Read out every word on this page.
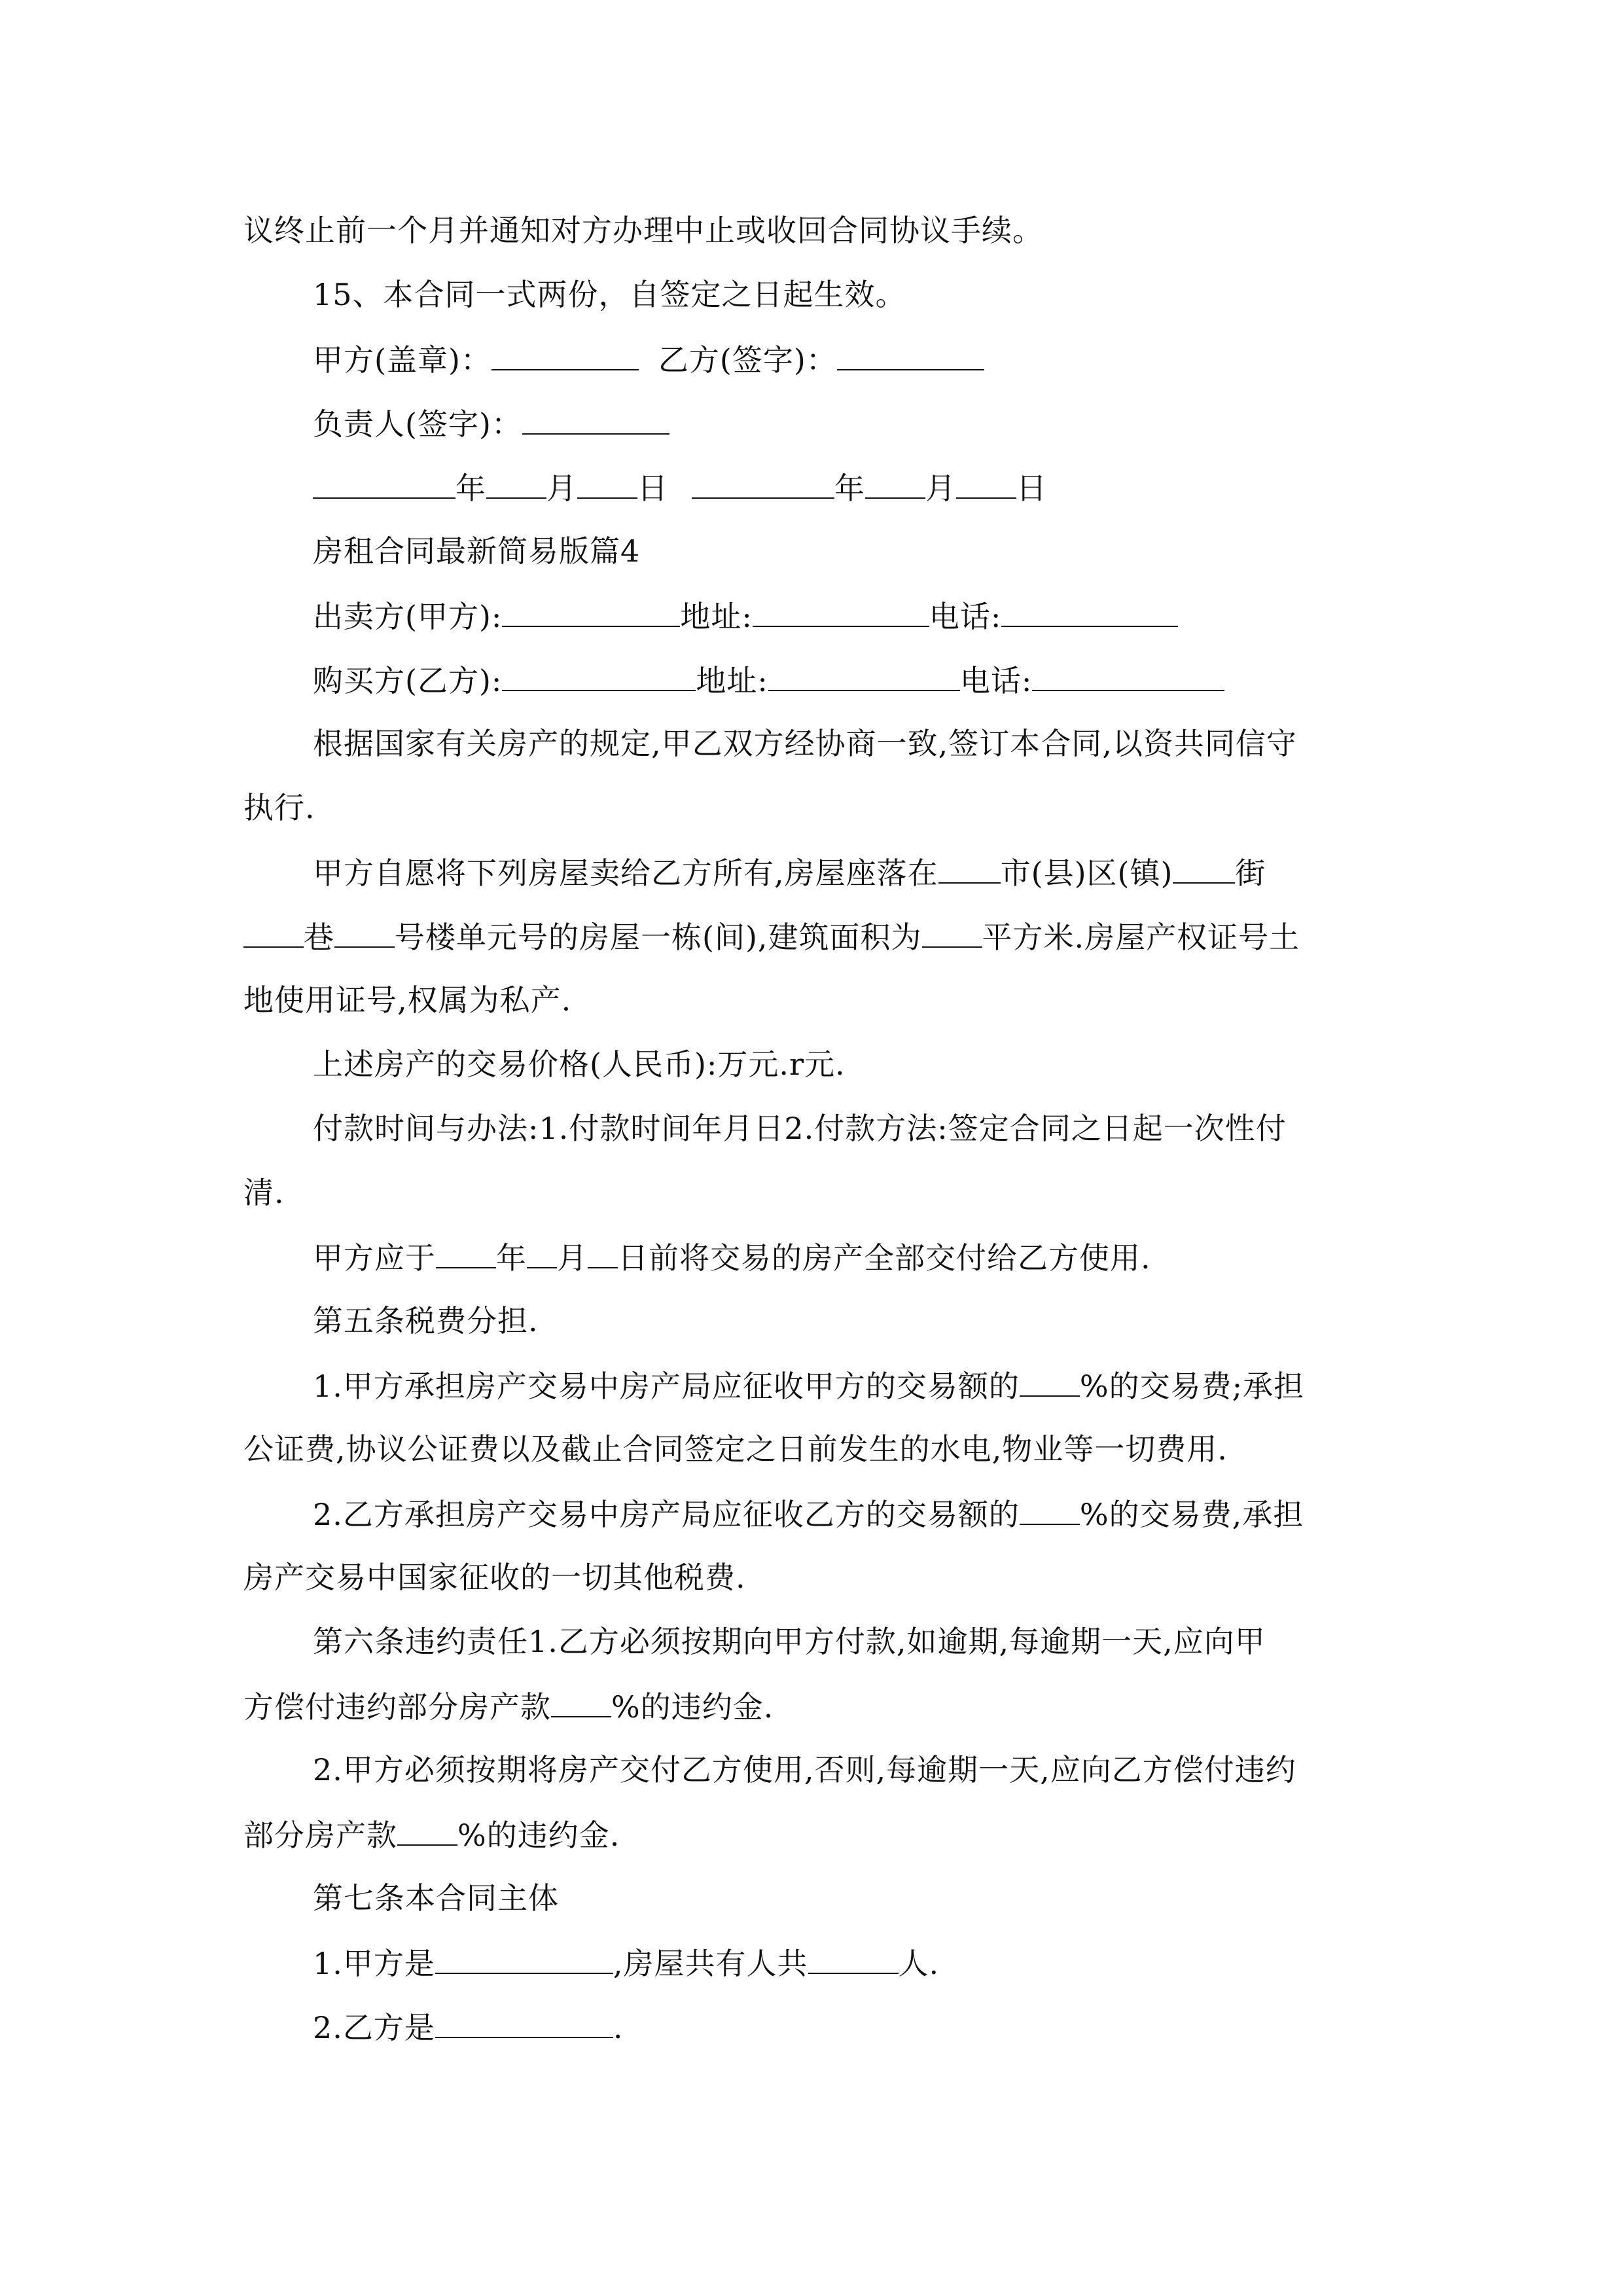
议终止前一个月并通知对方办理中止或收回合同协议手续。
15、本合同一式两份，自签定之日起生效。
甲方(盖章)：	乙方(签字)：
负责人(签字)：
年 月 日	年 月 日
房租合同最新简易版篇4
出卖方(甲方):	地址:	电话:
购买方(乙方):	地址:	电话:
根据国家有关房产的规定,甲乙双方经协商一致,签订本合同,以资共同信守
执行.
甲方自愿将下列房屋卖给乙方所有,房屋座落在 市(县)区(镇) 街
巷 号楼单元号的房屋一栋(间),建筑面积为 平方米.房屋产权证号土
地使用证号,权属为私产.
上述房产的交易价格(人民币):万元.r元.
付款时间与办法:1.付款时间年月日2.付款方法:签定合同之日起一次性付
清.
甲方应于 年 月 日前将交易的房产全部交付给乙方使用.
第五条税费分担.
1.甲方承担房产交易中房产局应征收甲方的交易额的 %的交易费;承担
公证费,协议公证费以及截止合同签定之日前发生的水电,物业等一切费用.
2.乙方承担房产交易中房产局应征收乙方的交易额的 %的交易费,承担
房产交易中国家征收的一切其他税费.
第六条违约责任1.乙方必须按期向甲方付款,如逾期,每逾期一天,应向甲
方偿付违约部分房产款 %的违约金.
2.甲方必须按期将房产交付乙方使用,否则,每逾期一天,应向乙方偿付违约
部分房产款 %的违约金.
第七条本合同主体
1.甲方是	,房屋共有人共	人.
2.乙方是	.
